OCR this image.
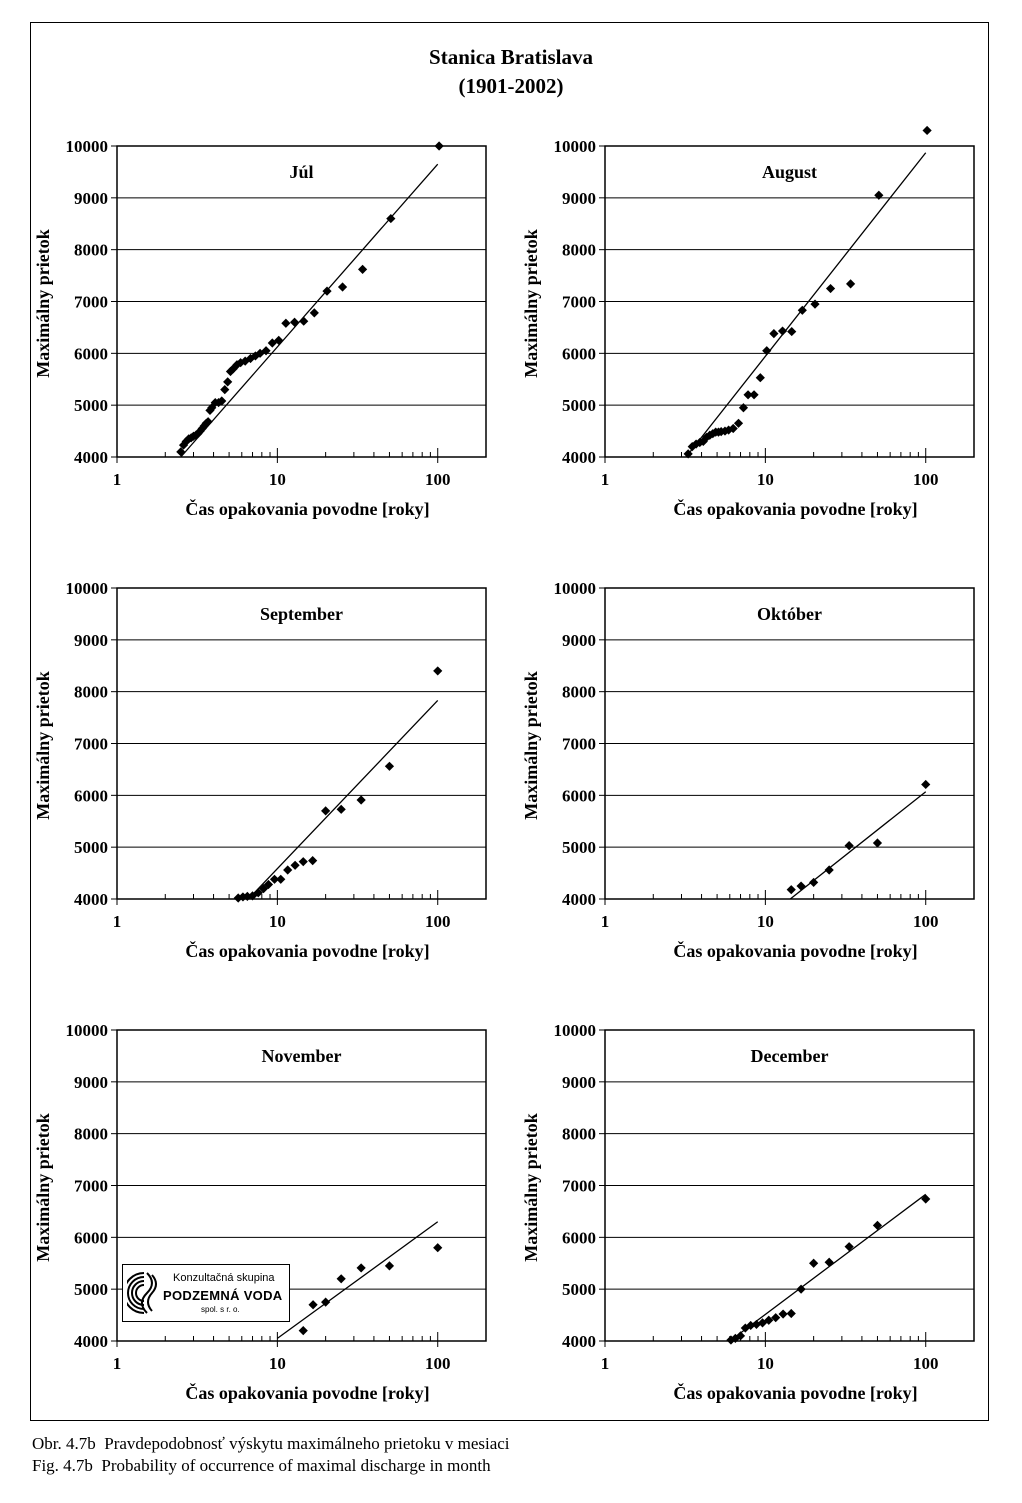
Stanica Bratislava
(1901-2002)
4000
5000
6000
7000
8000
9000
10000
1	10	100
Júl
Čas opakovania povodne [roky]
Maximálny prietok
4000
5000
6000
7000
8000
9000
10000
1	10	100
August
Čas opakovania povodne [roky]
Maximálny prietok
4000
5000
6000
7000
8000
9000
10000
1	10	100
September
Čas opakovania povodne [roky]
Maximálny prietok
4000
5000
6000
7000
8000
9000
10000
1	10	100
Október
Čas opakovania povodne [roky]
Maximálny prietok
4000
5000
6000
7000
8000
9000
10000
1	10	100
November
Čas opakovania povodne [roky]
Maximálny prietok
4000
5000
6000
7000
8000
9000
10000
1	10	100
December
Čas opakovania povodne [roky]
Maximálny prietok
Konzultačná skupina
PODZEMNÁ VODA
spol. s r. o.
Obr. 4.7b  Pravdepodobnosť výskytu maximálneho prietoku v mesiaci
Fig. 4.7b  Probability of occurrence of maximal discharge in month
